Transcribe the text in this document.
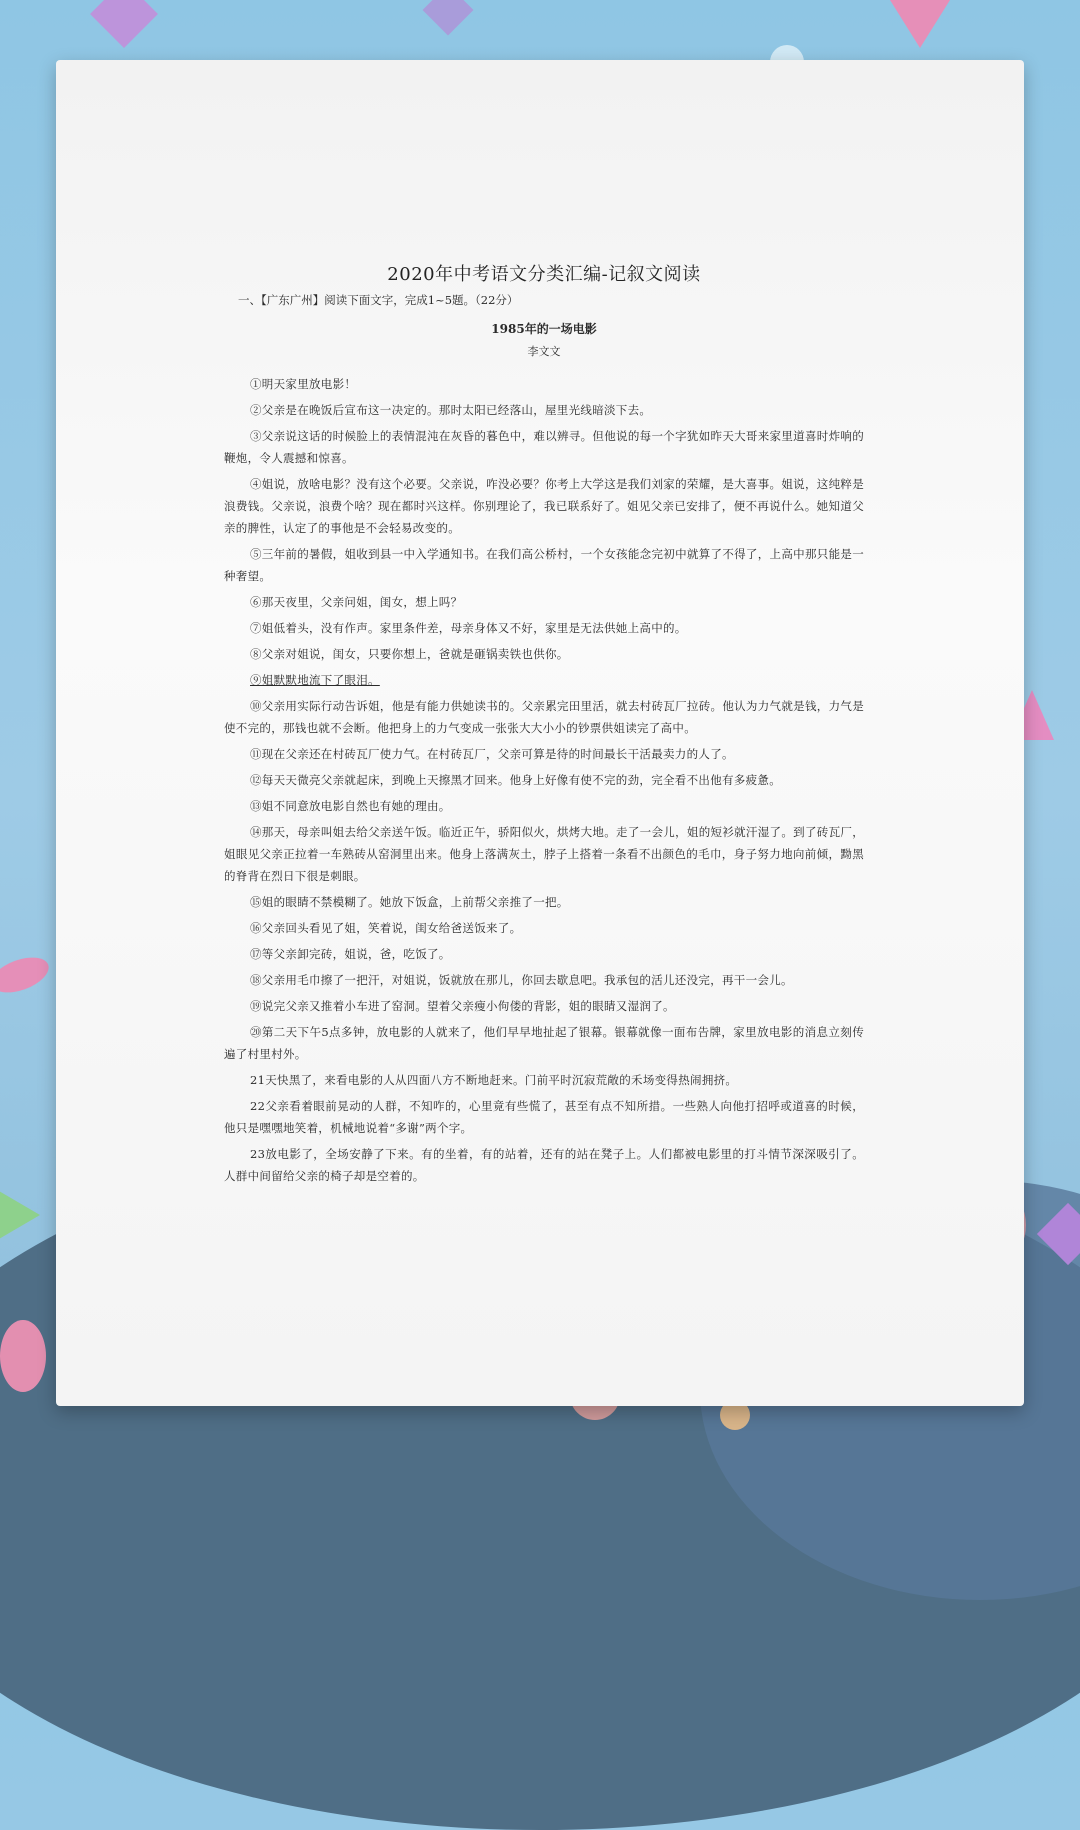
2020年中考语文分类汇编-记叙文阅读
一、【广东广州】阅读下面文字，完成1~5题。（22分）
1985年的一场电影
李文文

①明天家里放电影！

②父亲是在晚饭后宣布这一决定的。那时太阳已经落山，屋里光线暗淡下去。

③父亲说这话的时候脸上的表情混沌在灰昏的暮色中，难以辨寻。但他说的每一个字犹如昨天大哥来家里道喜时炸响的鞭炮，令人震撼和惊喜。

④姐说，放啥电影？没有这个必要。父亲说，咋没必要？你考上大学这是我们刘家的荣耀，是大喜事。姐说，这纯粹是浪费钱。父亲说，浪费个啥？现在都时兴这样。你别理论了，我已联系好了。姐见父亲已安排了，便不再说什么。她知道父亲的脾性，认定了的事他是不会轻易改变的。

⑤三年前的暑假，姐收到县一中入学通知书。在我们高公桥村，一个女孩能念完初中就算了不得了，上高中那只能是一种奢望。

⑥那天夜里，父亲问姐，闺女，想上吗？

⑦姐低着头，没有作声。家里条件差，母亲身体又不好，家里是无法供她上高中的。

⑧父亲对姐说，闺女，只要你想上，爸就是砸锅卖铁也供你。

⑨姐默默地流下了眼泪。

⑩父亲用实际行动告诉姐，他是有能力供她读书的。父亲累完田里活，就去村砖瓦厂拉砖。他认为力气就是钱，力气是使不完的，那钱也就不会断。他把身上的力气变成一张张大大小小的钞票供姐读完了高中。

⑪现在父亲还在村砖瓦厂使力气。在村砖瓦厂，父亲可算是待的时间最长干活最卖力的人了。

⑫每天天微亮父亲就起床，到晚上天擦黑才回来。他身上好像有使不完的劲，完全看不出他有多疲惫。

⑬姐不同意放电影自然也有她的理由。

⑭那天，母亲叫姐去给父亲送午饭。临近正午，骄阳似火，烘烤大地。走了一会儿，姐的短衫就汗湿了。到了砖瓦厂，姐眼见父亲正拉着一车熟砖从窑洞里出来。他身上落满灰土，脖子上搭着一条看不出颜色的毛巾，身子努力地向前倾，黝黑的脊背在烈日下很是刺眼。

⑮姐的眼睛不禁模糊了。她放下饭盒，上前帮父亲推了一把。

⑯父亲回头看见了姐，笑着说，闺女给爸送饭来了。

⑰等父亲卸完砖，姐说，爸，吃饭了。

⑱父亲用毛巾擦了一把汗，对姐说，饭就放在那儿，你回去歇息吧。我承包的活儿还没完，再干一会儿。

⑲说完父亲又推着小车进了窑洞。望着父亲瘦小佝偻的背影，姐的眼睛又湿润了。

⑳第二天下午5点多钟，放电影的人就来了，他们早早地扯起了银幕。银幕就像一面布告牌，家里放电影的消息立刻传遍了村里村外。

21天快黑了，来看电影的人从四面八方不断地赶来。门前平时沉寂荒敞的禾场变得热闹拥挤。

22父亲看着眼前晃动的人群，不知咋的，心里竟有些慌了，甚至有点不知所措。一些熟人向他打招呼或道喜的时候，他只是嘿嘿地笑着，机械地说着“多谢”两个字。

23放电影了，全场安静了下来。有的坐着，有的站着，还有的站在凳子上。人们都被电影里的打斗情节深深吸引了。人群中间留给父亲的椅子却是空着的。
